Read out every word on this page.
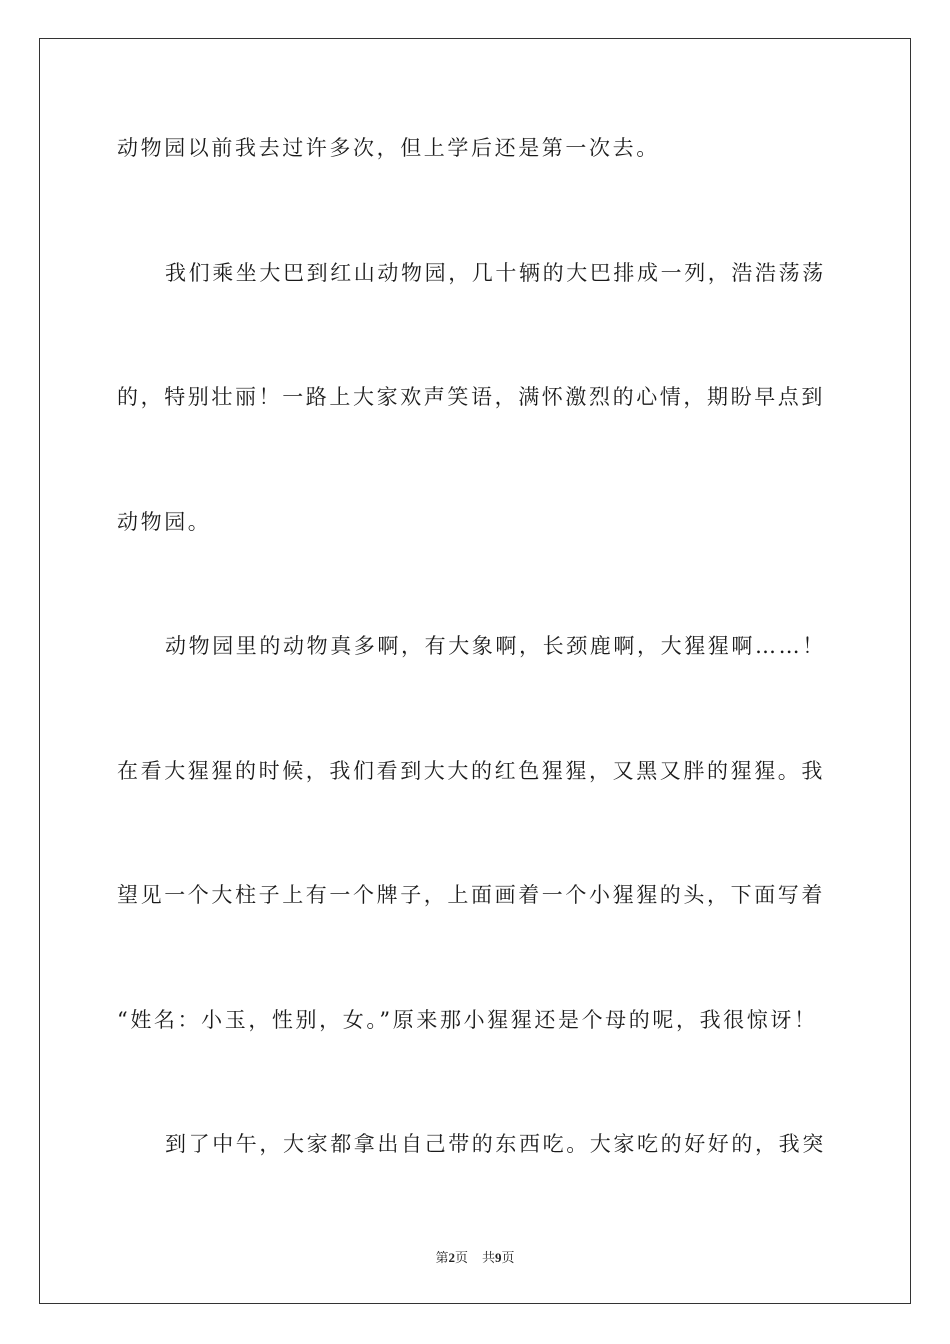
动物园以前我去过许多次，但上学后还是第一次去。
我们乘坐大巴到红山动物园，几十辆的大巴排成一列，浩浩荡荡
的，特别壮丽！一路上大家欢声笑语，满怀激烈的心情，期盼早点到
动物园。
动物园里的动物真多啊，有大象啊，长颈鹿啊，大猩猩啊……！
在看大猩猩的时候，我们看到大大的红色猩猩，又黑又胖的猩猩。我
望见一个大柱子上有一个牌子，上面画着一个小猩猩的头，下面写着
“姓名：小玉，性别，女。”原来那小猩猩还是个母的呢，我很惊讶！
到了中午，大家都拿出自己带的东西吃。大家吃的好好的，我突
第2页 共9页
